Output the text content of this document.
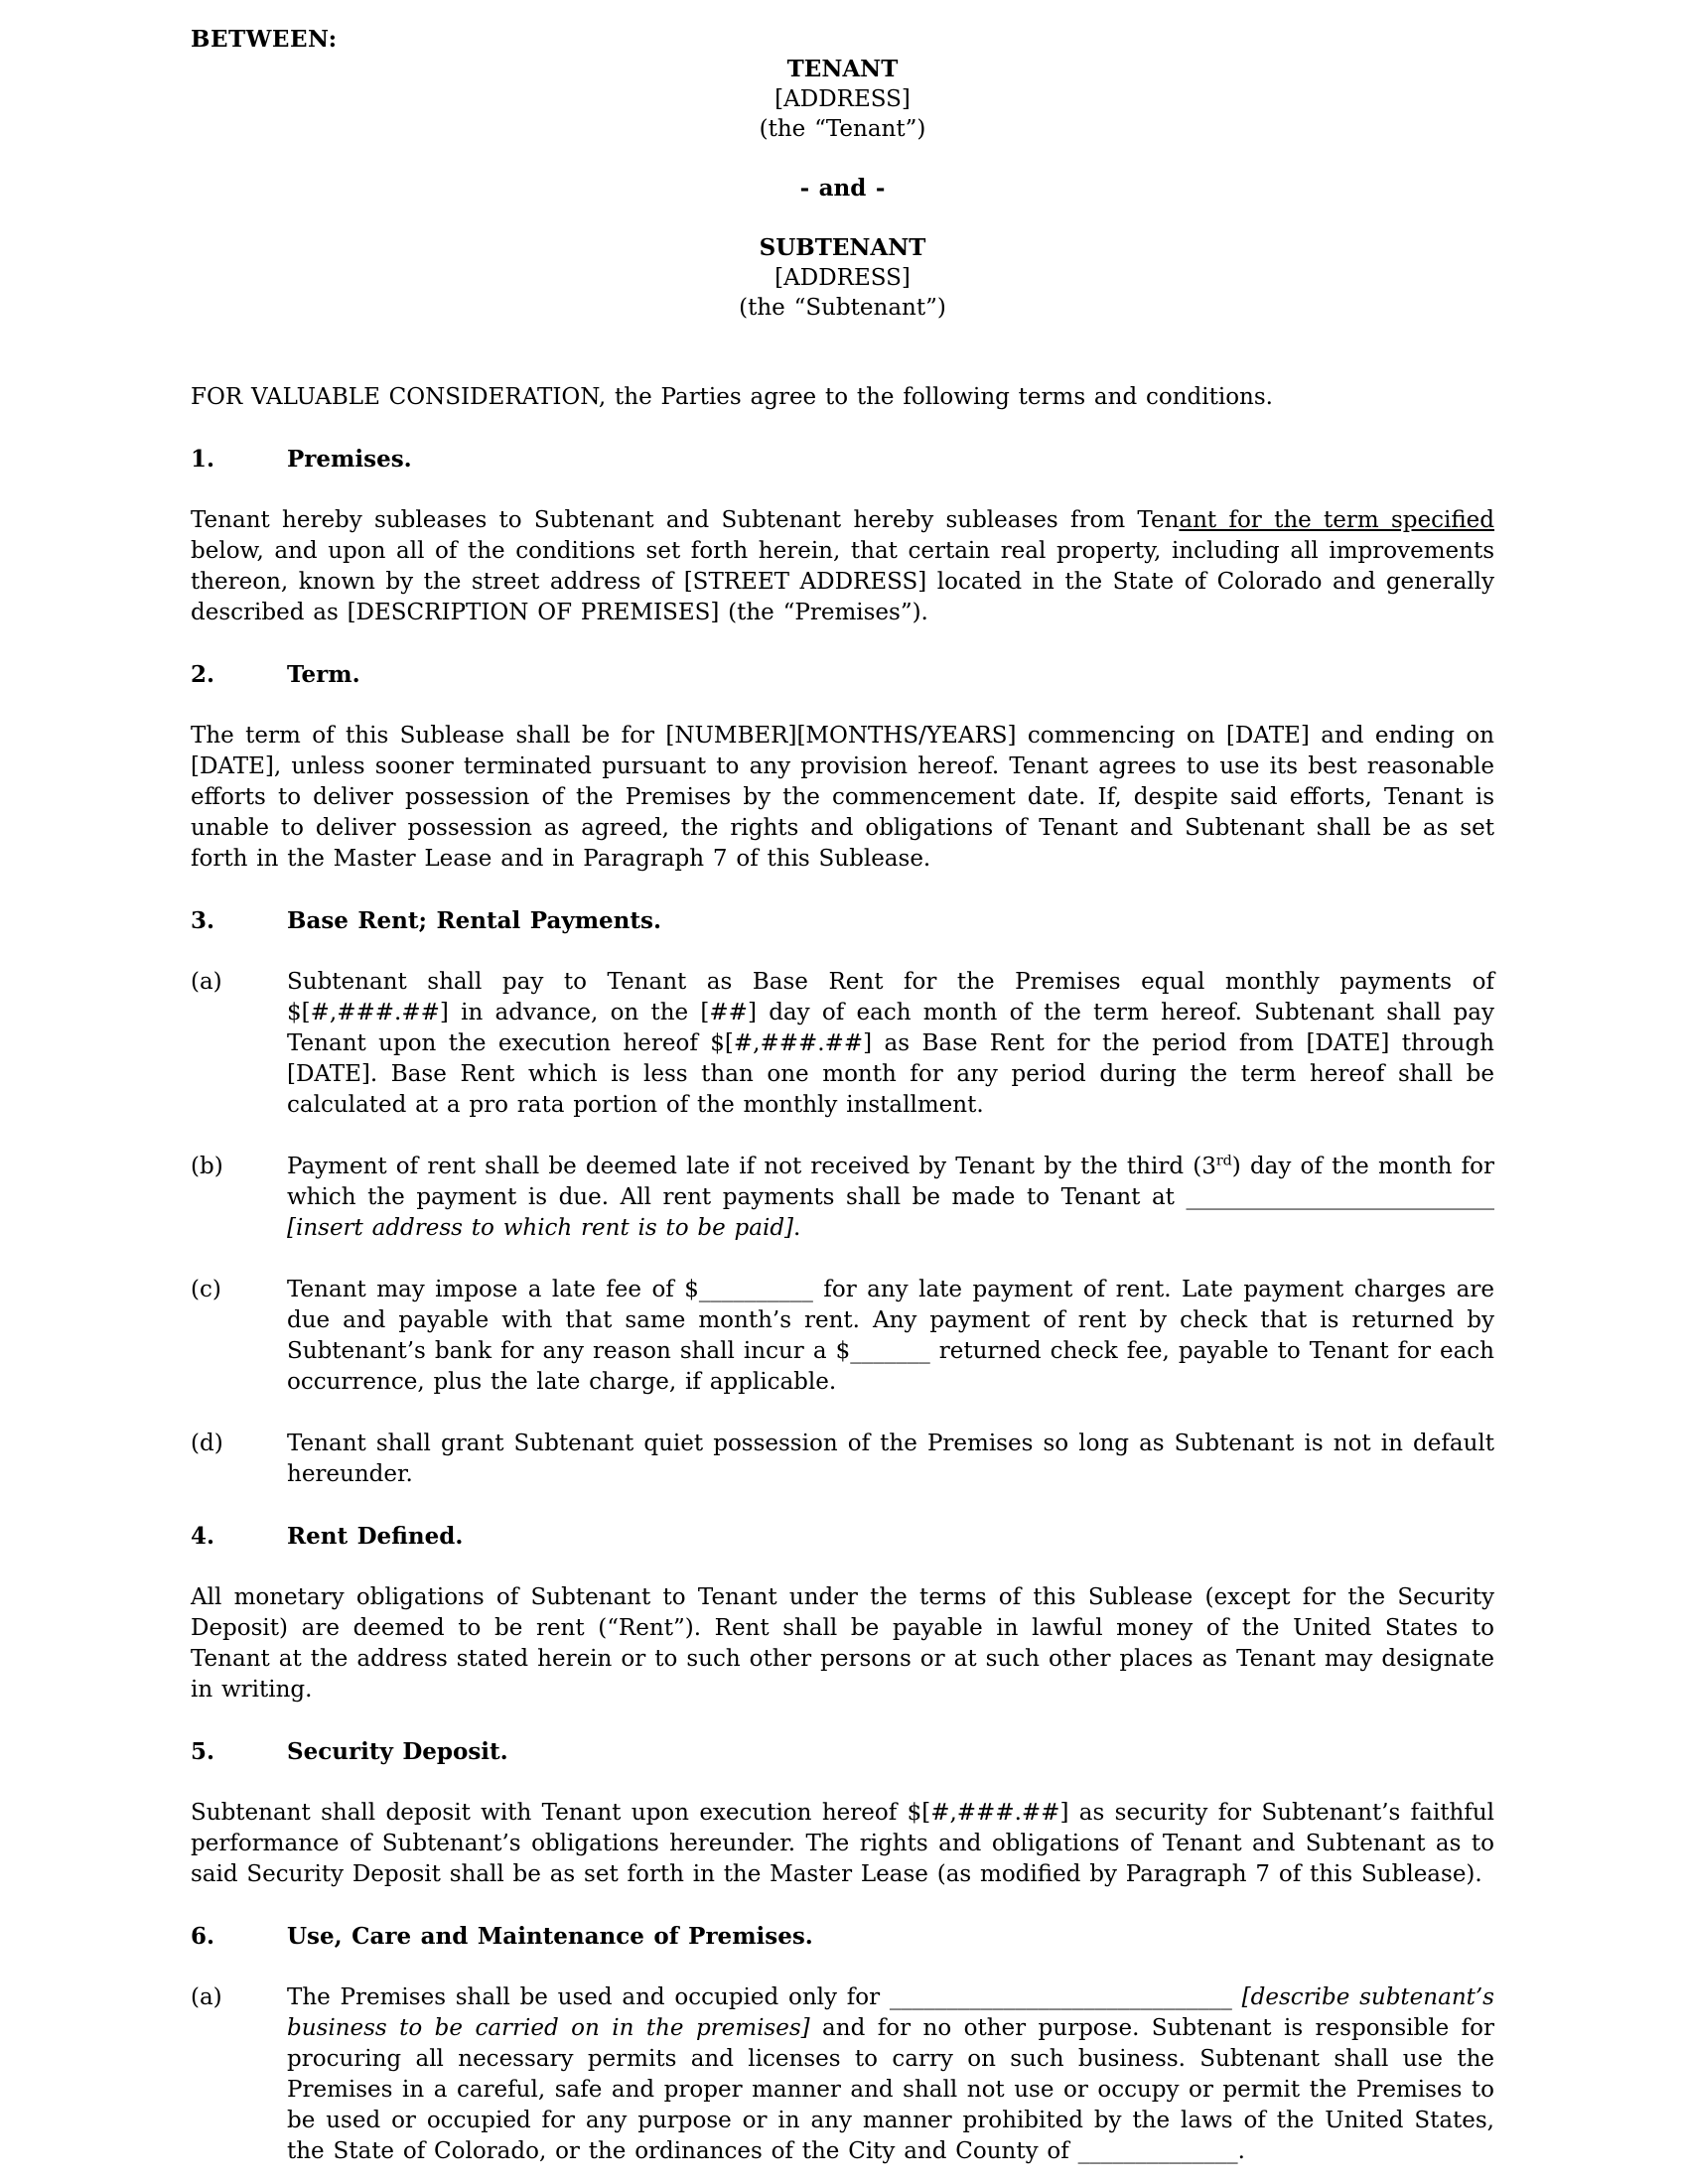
BETWEEN:
TENANT
[ADDRESS]
(the “Tenant”)
- and -
SUBTENANT
[ADDRESS]
(the “Subtenant”)
FOR VALUABLE CONSIDERATION, the Parties agree to the following terms and conditions.
1.	Premises.
Tenant hereby subleases to Subtenant and Subtenant hereby subleases from Tenant for the term specified below, and upon all of the conditions set forth herein, that certain real property, including all improvements thereon, known by the street address of [STREET ADDRESS] located in the State of Colorado and generally described as [DESCRIPTION OF PREMISES] (the “Premises”).
2.	Term.
The term of this Sublease shall be for [NUMBER][MONTHS/YEARS] commencing on [DATE] and ending on [DATE], unless sooner terminated pursuant to any provision hereof. Tenant agrees to use its best reasonable efforts to deliver possession of the Premises by the commencement date. If, despite said efforts, Tenant is unable to deliver possession as agreed, the rights and obligations of Tenant and Subtenant shall be as set forth in the Master Lease and in Paragraph 7 of this Sublease.
3.	Base Rent; Rental Payments.
(a)	Subtenant shall pay to Tenant as Base Rent for the Premises equal monthly payments of $[#,###.##] in advance, on the [##] day of each month of the term hereof. Subtenant shall pay Tenant upon the execution hereof $[#,###.##] as Base Rent for the period from [DATE] through [DATE]. Base Rent which is less than one month for any period during the term hereof shall be calculated at a pro rata portion of the monthly installment.
(b)	Payment of rent shall be deemed late if not received by Tenant by the third (3rd) day of the month for which the payment is due. All rent payments shall be made to Tenant at ___________________________ [insert address to which rent is to be paid].
(c)	Tenant may impose a late fee of $__________ for any late payment of rent. Late payment charges are due and payable with that same month’s rent. Any payment of rent by check that is returned by Subtenant’s bank for any reason shall incur a $_______ returned check fee, payable to Tenant for each occurrence, plus the late charge, if applicable.
(d)	Tenant shall grant Subtenant quiet possession of the Premises so long as Subtenant is not in default hereunder.
4.	Rent Defined.
All monetary obligations of Subtenant to Tenant under the terms of this Sublease (except for the Security Deposit) are deemed to be rent (“Rent”). Rent shall be payable in lawful money of the United States to Tenant at the address stated herein or to such other persons or at such other places as Tenant may designate in writing.
5.	Security Deposit.
Subtenant shall deposit with Tenant upon execution hereof $[#,###.##] as security for Subtenant’s faithful performance of Subtenant’s obligations hereunder. The rights and obligations of Tenant and Subtenant as to said Security Deposit shall be as set forth in the Master Lease (as modified by Paragraph 7 of this Sublease).
6.	Use, Care and Maintenance of Premises.
(a)	The Premises shall be used and occupied only for ______________________________ [describe subtenant’s business to be carried on in the premises] and for no other purpose. Subtenant is responsible for procuring all necessary permits and licenses to carry on such business. Subtenant shall use the Premises in a careful, safe and proper manner and shall not use or occupy or permit the Premises to be used or occupied for any purpose or in any manner prohibited by the laws of the United States, the State of Colorado, or the ordinances of the City and County of ______________.
